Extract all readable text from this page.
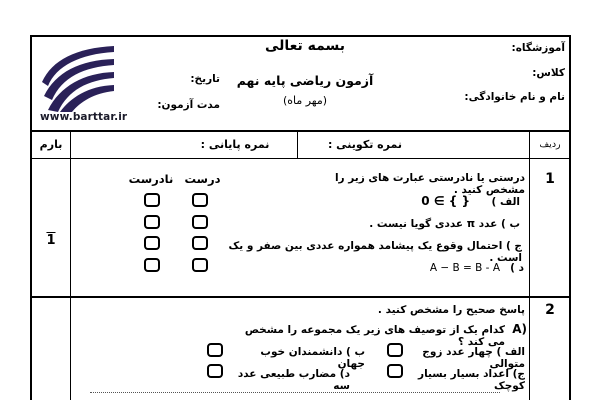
www.barttar.ir
بسمه تعالی
آزمون ریاضی پایه نهم
(مهر ماه)
آموزشگاه:
کلاس:
نام و نام خانوادگی:
تاریخ:
مدت آزمون:
ردیف
نمره تکوینی :
نمره پایانی :
بارم
1
درستی یا نادرستی عبارت های زیر را مشخص کنید .
درست
نادرست
الف )
0 ∈ { }
ب ) عدد π عددی گویا نیست .
ج ) احتمال وقوع یک پیشامد همواره عددی بین صفر و یک است .
د )
A − B = B - A
1
2
پاسخ صحیح را مشخص کنید .
A)
کدام یک از توصیف های زیر یک مجموعه را مشخص می کند ؟
الف ) چهار عدد زوج متوالی
ب ) دانشمندان خوب جهان
ج) اعداد بسیار بسیار کوچک
د) مضارب طبیعی عدد سه
